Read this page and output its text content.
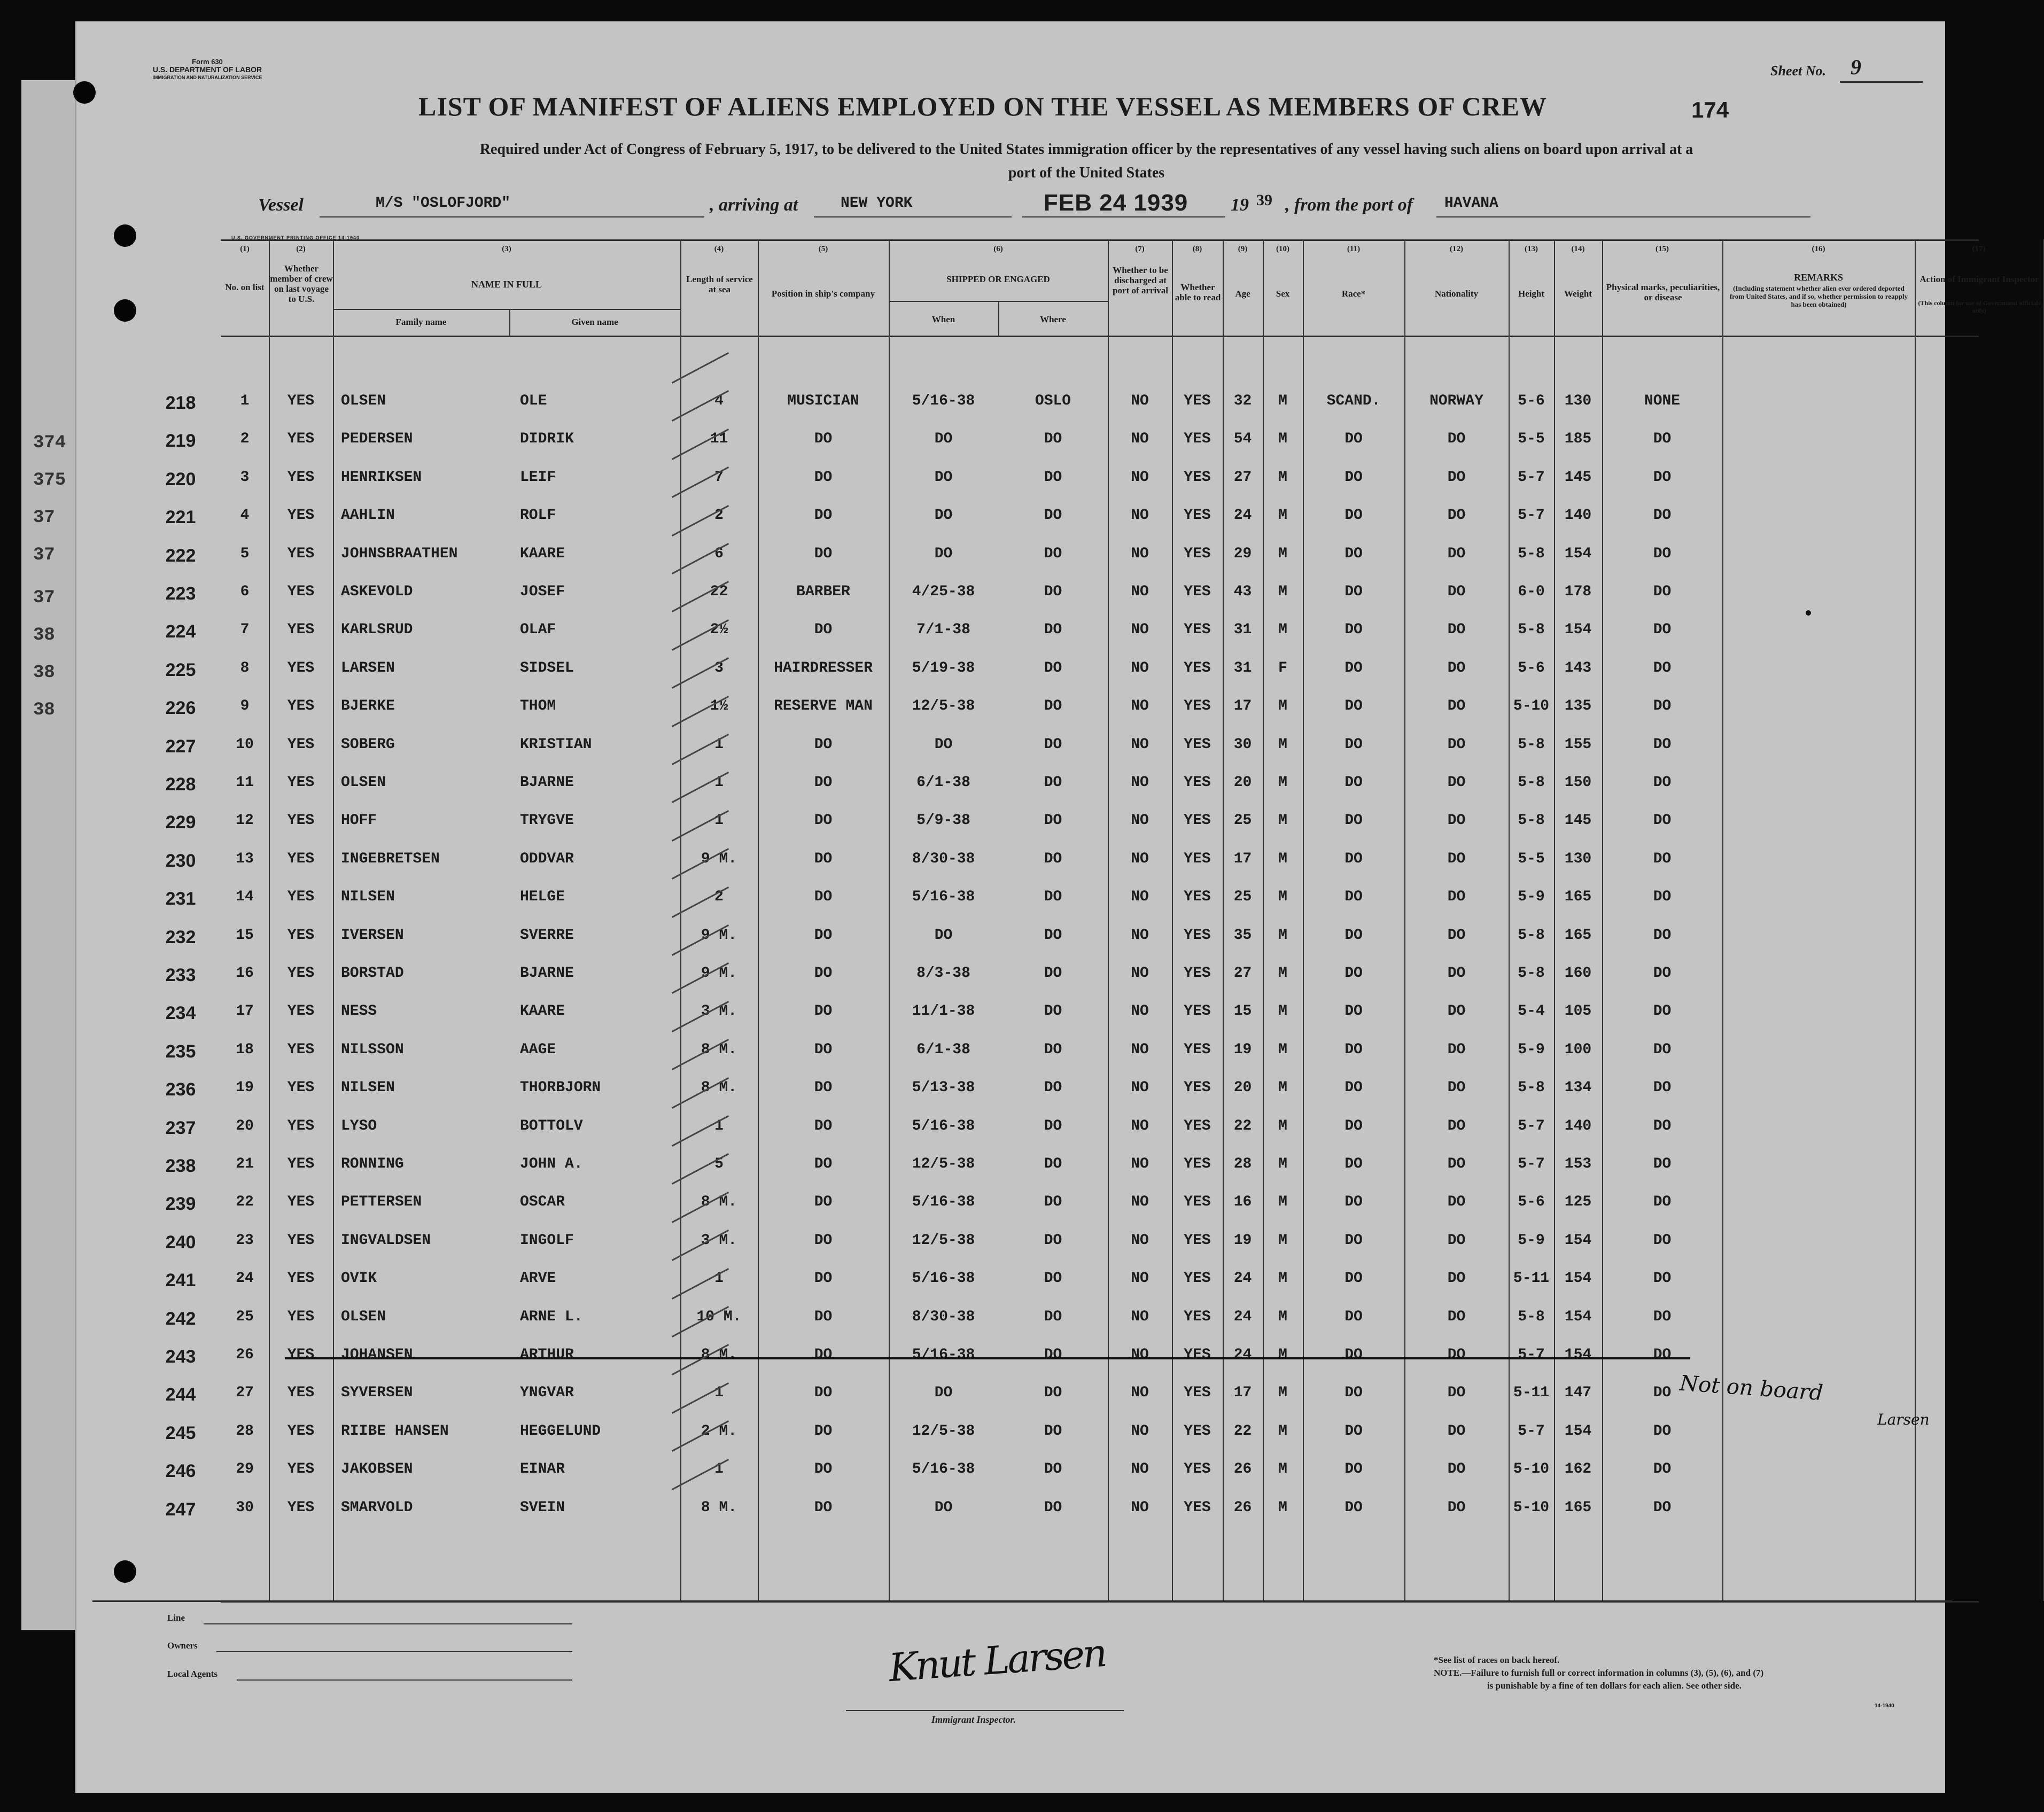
374
375
37
37
37
38
38
38
Form 630
U.S. DEPARTMENT OF LABOR
IMMIGRATION AND NATURALIZATION SERVICE
LIST OF MANIFEST OF ALIENS EMPLOYED ON THE VESSEL AS MEMBERS OF CREW
Sheet No. 9
174
Required under Act of Congress of February 5, 1917, to be delivered to the United States immigration officer by the representatives of any vessel having such aliens on board upon arrival at a
port of the United States
Vessel	M/S "OSLOFJORD"	, arriving at	NEW YORK	FEB 24 1939 19 39 , from the port of HAVANA
U.S. GOVERNMENT PRINTING OFFICE 14-1940
(1)
No. on list
(2)
Whether member of crew on last voyage to U.S.
(3)
NAME IN FULL
Family name	Given name
(4)
Length of service at sea
(5)
Position in ship's company
(6)
SHIPPED OR ENGAGED
When	Where
(7)
Whether to be discharged at port of arrival
(8)
Whether able to read
(9)
Age
(10)
Sex
(11)
Race*
(12)
Nationality
(13)
Height
(14)
Weight
(15)
Physical marks, peculiarities, or disease
(16)
REMARKS
(Including statement whether alien ever ordered deported from United States, and if so, whether permission to reapply has been obtained)
(17)
Action of Immigrant Inspector
(This column for use of Government officials only)
218	1	YES	OLSEN	OLE	4	MUSICIAN	5/16-38	OSLO	NO	YES	32	M	SCAND.	NORWAY	5-6	130	NONE
219	2	YES	PEDERSEN	DIDRIK	11	DO	DO	DO	NO	YES	54	M	DO	DO	5-5	185	DO
220	3	YES	HENRIKSEN	LEIF	7	DO	DO	DO	NO	YES	27	M	DO	DO	5-7	145	DO
221	4	YES	AAHLIN	ROLF	2	DO	DO	DO	NO	YES	24	M	DO	DO	5-7	140	DO
222	5	YES	JOHNSBRAATHEN	KAARE	6	DO	DO	DO	NO	YES	29	M	DO	DO	5-8	154	DO
223	6	YES	ASKEVOLD	JOSEF	22	BARBER	4/25-38	DO	NO	YES	43	M	DO	DO	6-0	178	DO
224	7	YES	KARLSRUD	OLAF	2½	DO	7/1-38	DO	NO	YES	31	M	DO	DO	5-8	154	DO
225	8	YES	LARSEN	SIDSEL	3	HAIRDRESSER	5/19-38	DO	NO	YES	31	F	DO	DO	5-6	143	DO
226	9	YES	BJERKE	THOM	1½	RESERVE MAN	12/5-38	DO	NO	YES	17	M	DO	DO	5-10	135	DO
227	10	YES	SOBERG	KRISTIAN	1	DO	DO	DO	NO	YES	30	M	DO	DO	5-8	155	DO
228	11	YES	OLSEN	BJARNE	1	DO	6/1-38	DO	NO	YES	20	M	DO	DO	5-8	150	DO
229	12	YES	HOFF	TRYGVE	1	DO	5/9-38	DO	NO	YES	25	M	DO	DO	5-8	145	DO
230	13	YES	INGEBRETSEN	ODDVAR	9 M.	DO	8/30-38	DO	NO	YES	17	M	DO	DO	5-5	130	DO
231	14	YES	NILSEN	HELGE	2	DO	5/16-38	DO	NO	YES	25	M	DO	DO	5-9	165	DO
232	15	YES	IVERSEN	SVERRE	9 M.	DO	DO	DO	NO	YES	35	M	DO	DO	5-8	165	DO
233	16	YES	BORSTAD	BJARNE	9 M.	DO	8/3-38	DO	NO	YES	27	M	DO	DO	5-8	160	DO
234	17	YES	NESS	KAARE	3 M.	DO	11/1-38	DO	NO	YES	15	M	DO	DO	5-4	105	DO
235	18	YES	NILSSON	AAGE	8 M.	DO	6/1-38	DO	NO	YES	19	M	DO	DO	5-9	100	DO
236	19	YES	NILSEN	THORBJORN	8 M.	DO	5/13-38	DO	NO	YES	20	M	DO	DO	5-8	134	DO
237	20	YES	LYSO	BOTTOLV	1	DO	5/16-38	DO	NO	YES	22	M	DO	DO	5-7	140	DO
238	21	YES	RONNING	JOHN A.	5	DO	12/5-38	DO	NO	YES	28	M	DO	DO	5-7	153	DO
239	22	YES	PETTERSEN	OSCAR	8 M.	DO	5/16-38	DO	NO	YES	16	M	DO	DO	5-6	125	DO
240	23	YES	INGVALDSEN	INGOLF	3 M.	DO	12/5-38	DO	NO	YES	19	M	DO	DO	5-9	154	DO
241	24	YES	OVIK	ARVE	1	DO	5/16-38	DO	NO	YES	24	M	DO	DO	5-11	154	DO
242	25	YES	OLSEN	ARNE L.	10 M.	DO	8/30-38	DO	NO	YES	24	M	DO	DO	5-8	154	DO
243	26	YES	JOHANSEN	ARTHUR	8 M.	DO	5/16-38	DO	NO	YES	24	M	DO	DO	5-7	154	DO
244	27	YES	SYVERSEN	YNGVAR	1	DO	DO	DO	NO	YES	17	M	DO	DO	5-11	147	DO
245	28	YES	RIIBE HANSEN	HEGGELUND	2 M.	DO	12/5-38	DO	NO	YES	22	M	DO	DO	5-7	154	DO
246	29	YES	JAKOBSEN	EINAR	1	DO	5/16-38	DO	NO	YES	26	M	DO	DO	5-10	162	DO
247	30	YES	SMARVOLD	SVEIN	8 M.	DO	DO	DO	NO	YES	26	M	DO	DO	5-10	165	DO
Not on board
Larsen
Line
Owners
Local Agents	Knut Larsen
Immigrant Inspector.
*See list of races on back hereof.
NOTE.—Failure to furnish full or correct information in columns (3), (5), (6), and (7)
is punishable by a fine of ten dollars for each alien. See other side.
14-1940
